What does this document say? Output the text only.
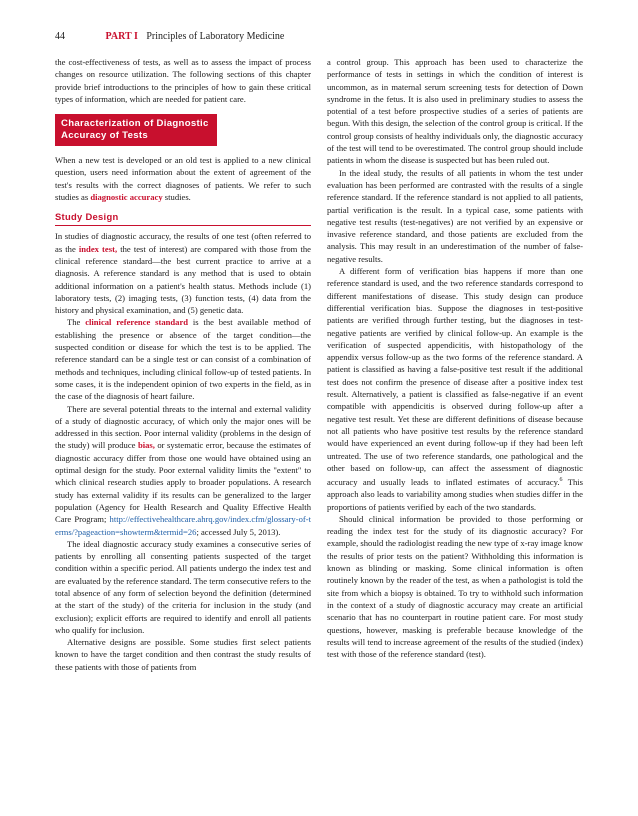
44	PART I Principles of Laboratory Medicine

the cost-effectiveness of tests, as well as to assess the impact of process changes on resource utilization. The following sections of this chapter provide brief introductions to the principles of how to gain these critical types of information, which are needed for patient care.

Characterization of Diagnostic
Accuracy of Tests

When a new test is developed or an old test is applied to a new clinical question, users need information about the extent of agreement of the test's results with the correct diagnoses of patients. We refer to such studies as diagnostic accuracy studies.

Study Design

In studies of diagnostic accuracy, the results of one test (often referred to as the index test, the test of interest) are compared with those from the clinical reference standard—the best current practice to arrive at a diagnosis. A reference standard is any method that is used to obtain additional information on a patient's health status. Methods include (1) laboratory tests, (2) imaging tests, (3) function tests, (4) data from the history and physical examination, and (5) genetic data.

The clinical reference standard is the best available method of establishing the presence or absence of the target condition—the suspected condition or disease for which the test is to be applied. The reference standard can be a single test or can consist of a combination of methods and techniques, including clinical follow-up of tested patients. In some cases, it is the independent opinion of two experts in the field, as in the case of the diagnosis of heart failure.

There are several potential threats to the internal and external validity of a study of diagnostic accuracy, of which only the major ones will be addressed in this section. Poor internal validity (problems in the design of the study) will produce bias, or systematic error, because the estimates of diagnostic accuracy differ from those one would have obtained using an optimal design for the study. Poor external validity limits the "extent" to which clinical research studies apply to broader populations. A research study has external validity if its results can be generalized to the larger population (Agency for Health Research and Quality Effective Health Care Program; http://effectivehealthcare.ahrq.gov/index.cfm/glossary-of-terms/?pageaction=showterm&termid=26; accessed July 5, 2013).

The ideal diagnostic accuracy study examines a consecutive series of patients by enrolling all consenting patients suspected of the target condition within a specific period. All patients undergo the index test and are evaluated by the reference standard. The term consecutive refers to the total absence of any form of selection beyond the definition (determined at the start of the study) of the criteria for inclusion in the study (and exclusion); explicit efforts are required to identify and enroll all patients who qualify for inclusion.

Alternative designs are possible. Some studies first select patients known to have the target condition and then contrast the study results of these patients with those of patients from

a control group. This approach has been used to characterize the performance of tests in settings in which the condition of interest is uncommon, as in maternal serum screening tests for detection of Down syndrome in the fetus. It is also used in preliminary studies to assess the potential of a test before prospective studies of a series of patients are begun. With this design, the selection of the control group is critical. If the control group consists of healthy individuals only, the diagnostic accuracy of the test will tend to be overestimated. The control group should include patients in whom the disease is suspected but has been ruled out.

In the ideal study, the results of all patients in whom the test under evaluation has been performed are contrasted with the results of a single reference standard. If the reference standard is not applied to all patients, partial verification is the result. In a typical case, some patients with negative test results (test-negatives) are not verified by an expensive or invasive reference standard, and those patients are excluded from the analysis. This may result in an underestimation of the number of false-negative results.

A different form of verification bias happens if more than one reference standard is used, and the two reference standards correspond to different manifestations of disease. This study design can produce differential verification bias. Suppose the diagnoses in test-positive patients are verified through further testing, but the diagnoses in test-negative patients are verified by clinical follow-up. An example is the verification of suspected appendicitis, with histopathology of the appendix versus follow-up as the two forms of the reference standard. A patient is classified as having a false-positive test result if the additional test does not confirm the presence of disease after a positive index test result. Alternatively, a patient is classified as false-negative if an event compatible with appendicitis is observed during follow-up after a negative test result. Yet these are different definitions of disease because not all patients who have positive test results by the reference standard would have experienced an event during follow-up if they had been left untreated. The use of two reference standards, one pathological and the other based on follow-up, can affect the assessment of diagnostic accuracy and usually leads to inflated estimates of accuracy.$^6$ This approach also leads to variability among studies when studies differ in the proportions of patients verified by each of the two standards.

Should clinical information be provided to those performing or reading the index test for the study of its diagnostic accuracy? For example, should the radiologist reading the new type of x-ray image know the results of prior tests on the patient? Withholding this information is known as blinding or masking. Some clinical information is often routinely known by the reader of the test, as when a pathologist is told the site from which a biopsy is obtained. To try to withhold such information in the context of a study of diagnostic accuracy may create an artificial scenario that has no counterpart in routine patient care. For most study questions, however, masking is preferable because knowledge of the results will tend to increase agreement of the results of the studied (index) test with those of the reference standard (test).
